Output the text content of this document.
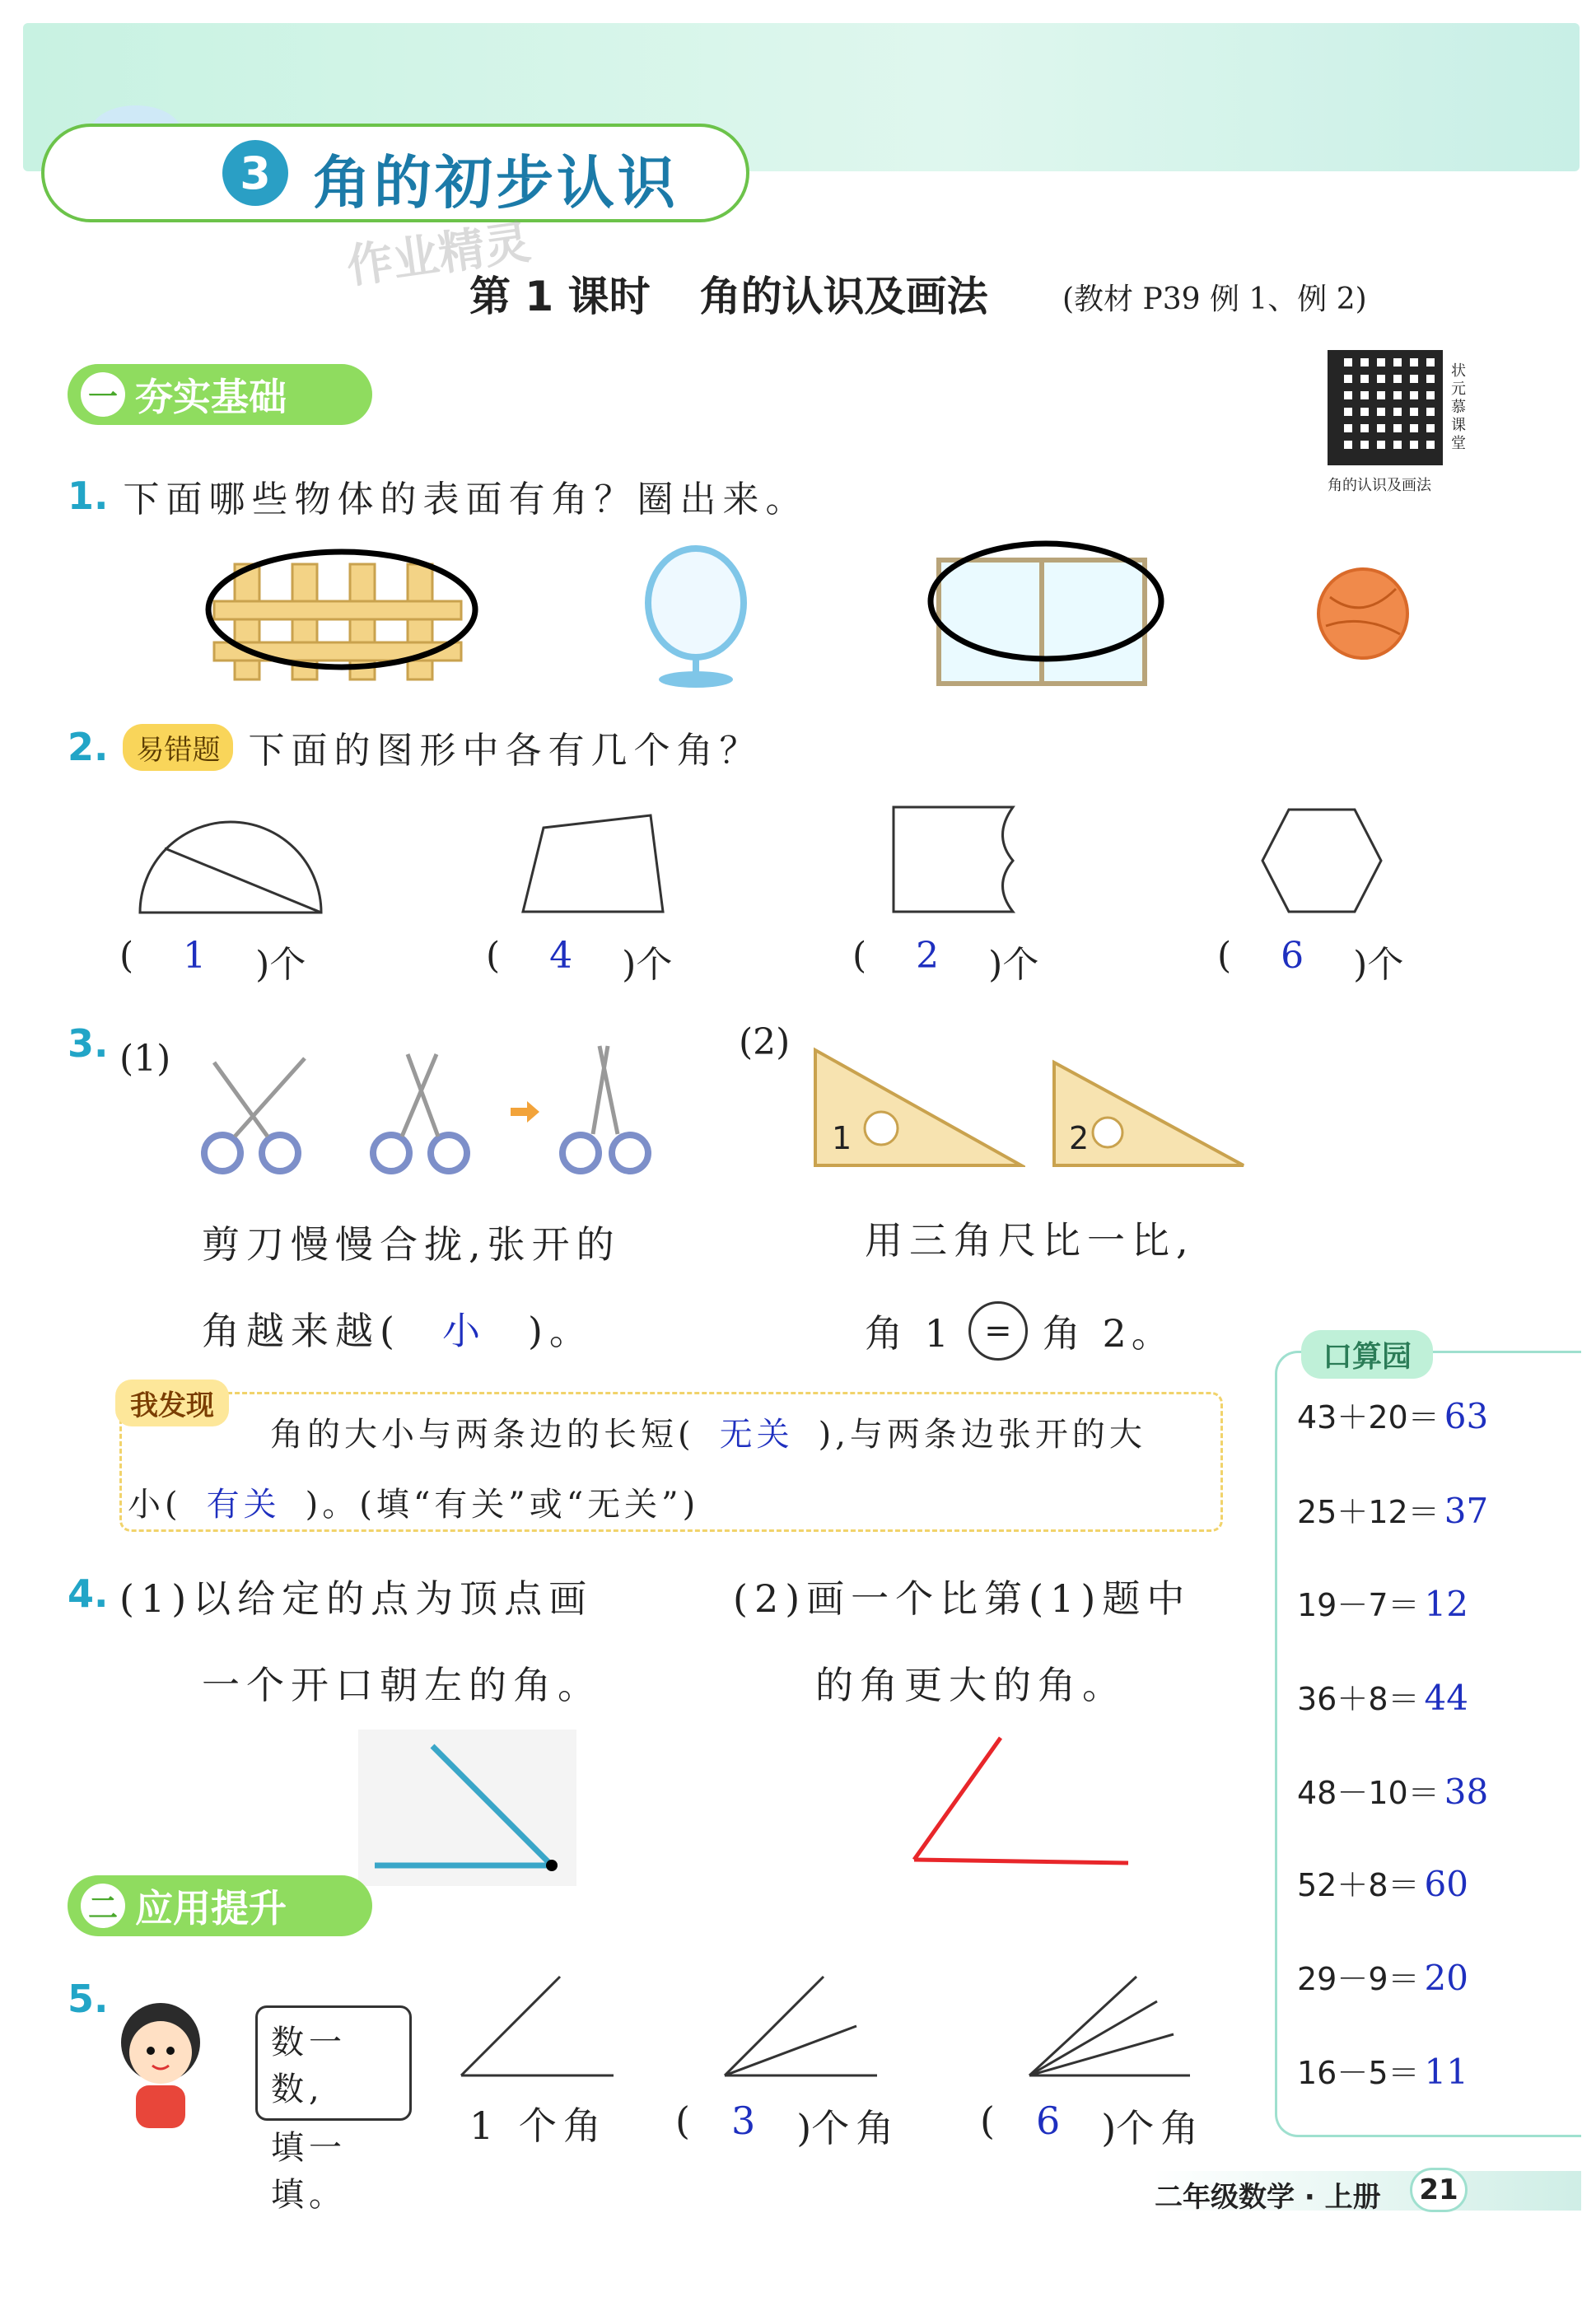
3 角的初步认识
作业精灵
第 1 课时 角的认识及画法	(教材 P39 例 1、例 2)
状元慕课堂
角的认识及画法
一 夯实基础
1. 下面哪些物体的表面有角？圈出来。
2.	易错题 下面的图形中各有几个角？
( 1 )个	( 4 )个	( 2 )个	( 6 )个
3. (1)
剪刀慢慢合拢,张开的
角越来越( 小 )。
(2)
1	2
用三角尺比一比,
角 1 = 角 2。
我发现
角的大小与两条边的长短( 无关 ),与两条边张开的大
小( 有关 )。(填“有关”或“无关”)
4. (1)以给定的点为顶点画
一个开口朝左的角。
(2)画一个比第(1)题中
的角更大的角。
二 应用提升
5.
数一数,
填一填。
1 个角 ( 3 )个角 ( 6 )个角
口算园
43＋20＝ 63
25＋12＝ 37
19－7＝ 12
36＋8＝ 44
48－10＝ 38
52＋8＝ 60
29－9＝ 20
16－5＝ 11
二年级数学 · 上册	21
